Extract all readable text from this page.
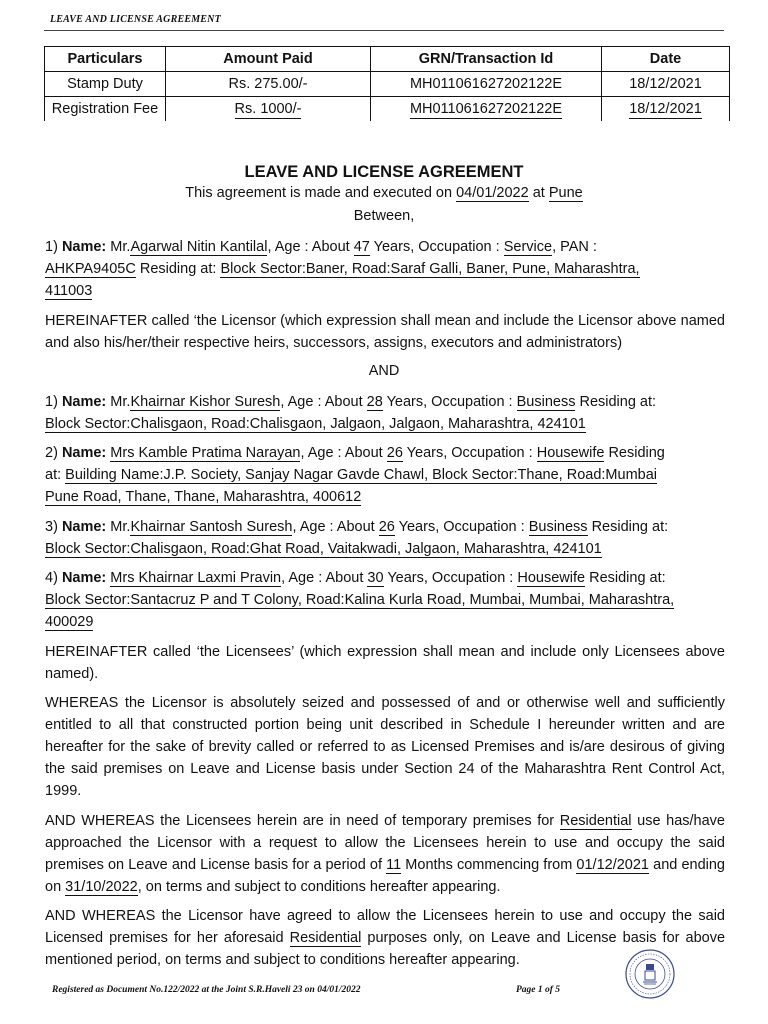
LEAVE AND LICENSE AGREEMENT
Particulars	Amount Paid	GRN/Transaction Id	Date
Stamp Duty	Rs. 275.00/-	MH011061627202122E	18/12/2021
Registration Fee	Rs. 1000/-	MH011061627202122E	18/12/2021
LEAVE AND LICENSE AGREEMENT
This agreement is made and executed on 04/01/2022 at Pune
Between,

1) Name: Mr.Agarwal Nitin Kantilal, Age : About 47 Years, Occupation : Service, PAN :
AHKPA9405C Residing at: Block Sector:Baner, Road:Saraf Galli, Baner, Pune, Maharashtra,
411003

HEREINAFTER called ‘the Licensor (which expression shall mean and include the Licensor above named and also his/her/their respective heirs, successors, assigns, executors and administrators)

AND

1) Name: Mr.Khairnar Kishor Suresh, Age : About 28 Years, Occupation : Business Residing at:
Block Sector:Chalisgaon, Road:Chalisgaon, Jalgaon, Jalgaon, Maharashtra, 424101

2) Name: Mrs Kamble Pratima Narayan, Age : About 26 Years, Occupation : Housewife Residing
at: Building Name:J.P. Society, Sanjay Nagar Gavde Chawl, Block Sector:Thane, Road:Mumbai
Pune Road, Thane, Thane, Maharashtra, 400612

3) Name: Mr.Khairnar Santosh Suresh, Age : About 26 Years, Occupation : Business Residing at:
Block Sector:Chalisgaon, Road:Ghat Road, Vaitakwadi, Jalgaon, Maharashtra, 424101

4) Name: Mrs Khairnar Laxmi Pravin, Age : About 30 Years, Occupation : Housewife Residing at:
Block Sector:Santacruz P and T Colony, Road:Kalina Kurla Road, Mumbai, Mumbai, Maharashtra,
400029

HEREINAFTER called ‘the Licensees’ (which expression shall mean and include only Licensees above named).

WHEREAS the Licensor is absolutely seized and possessed of and or otherwise well and sufficiently entitled to all that constructed portion being unit described in Schedule I hereunder written and are hereafter for the sake of brevity called or referred to as Licensed Premises and is/are desirous of giving the said premises on Leave and License basis under Section 24 of the Maharashtra Rent Control Act, 1999.

AND WHEREAS the Licensees herein are in need of temporary premises for Residential use has/have approached the Licensor with a request to allow the Licensees herein to use and occupy the said premises on Leave and License basis for a period of 11 Months commencing from 01/12/2021 and ending on 31/10/2022, on terms and subject to conditions hereafter appearing.

AND WHEREAS the Licensor have agreed to allow the Licensees herein to use and occupy the said Licensed premises for her aforesaid Residential purposes only, on Leave and License basis for above mentioned period, on terms and subject to conditions hereafter appearing.

Registered as Document No.122/2022 at the Joint S.R.Haveli 23 on 04/01/2022	Page 1 of 5
